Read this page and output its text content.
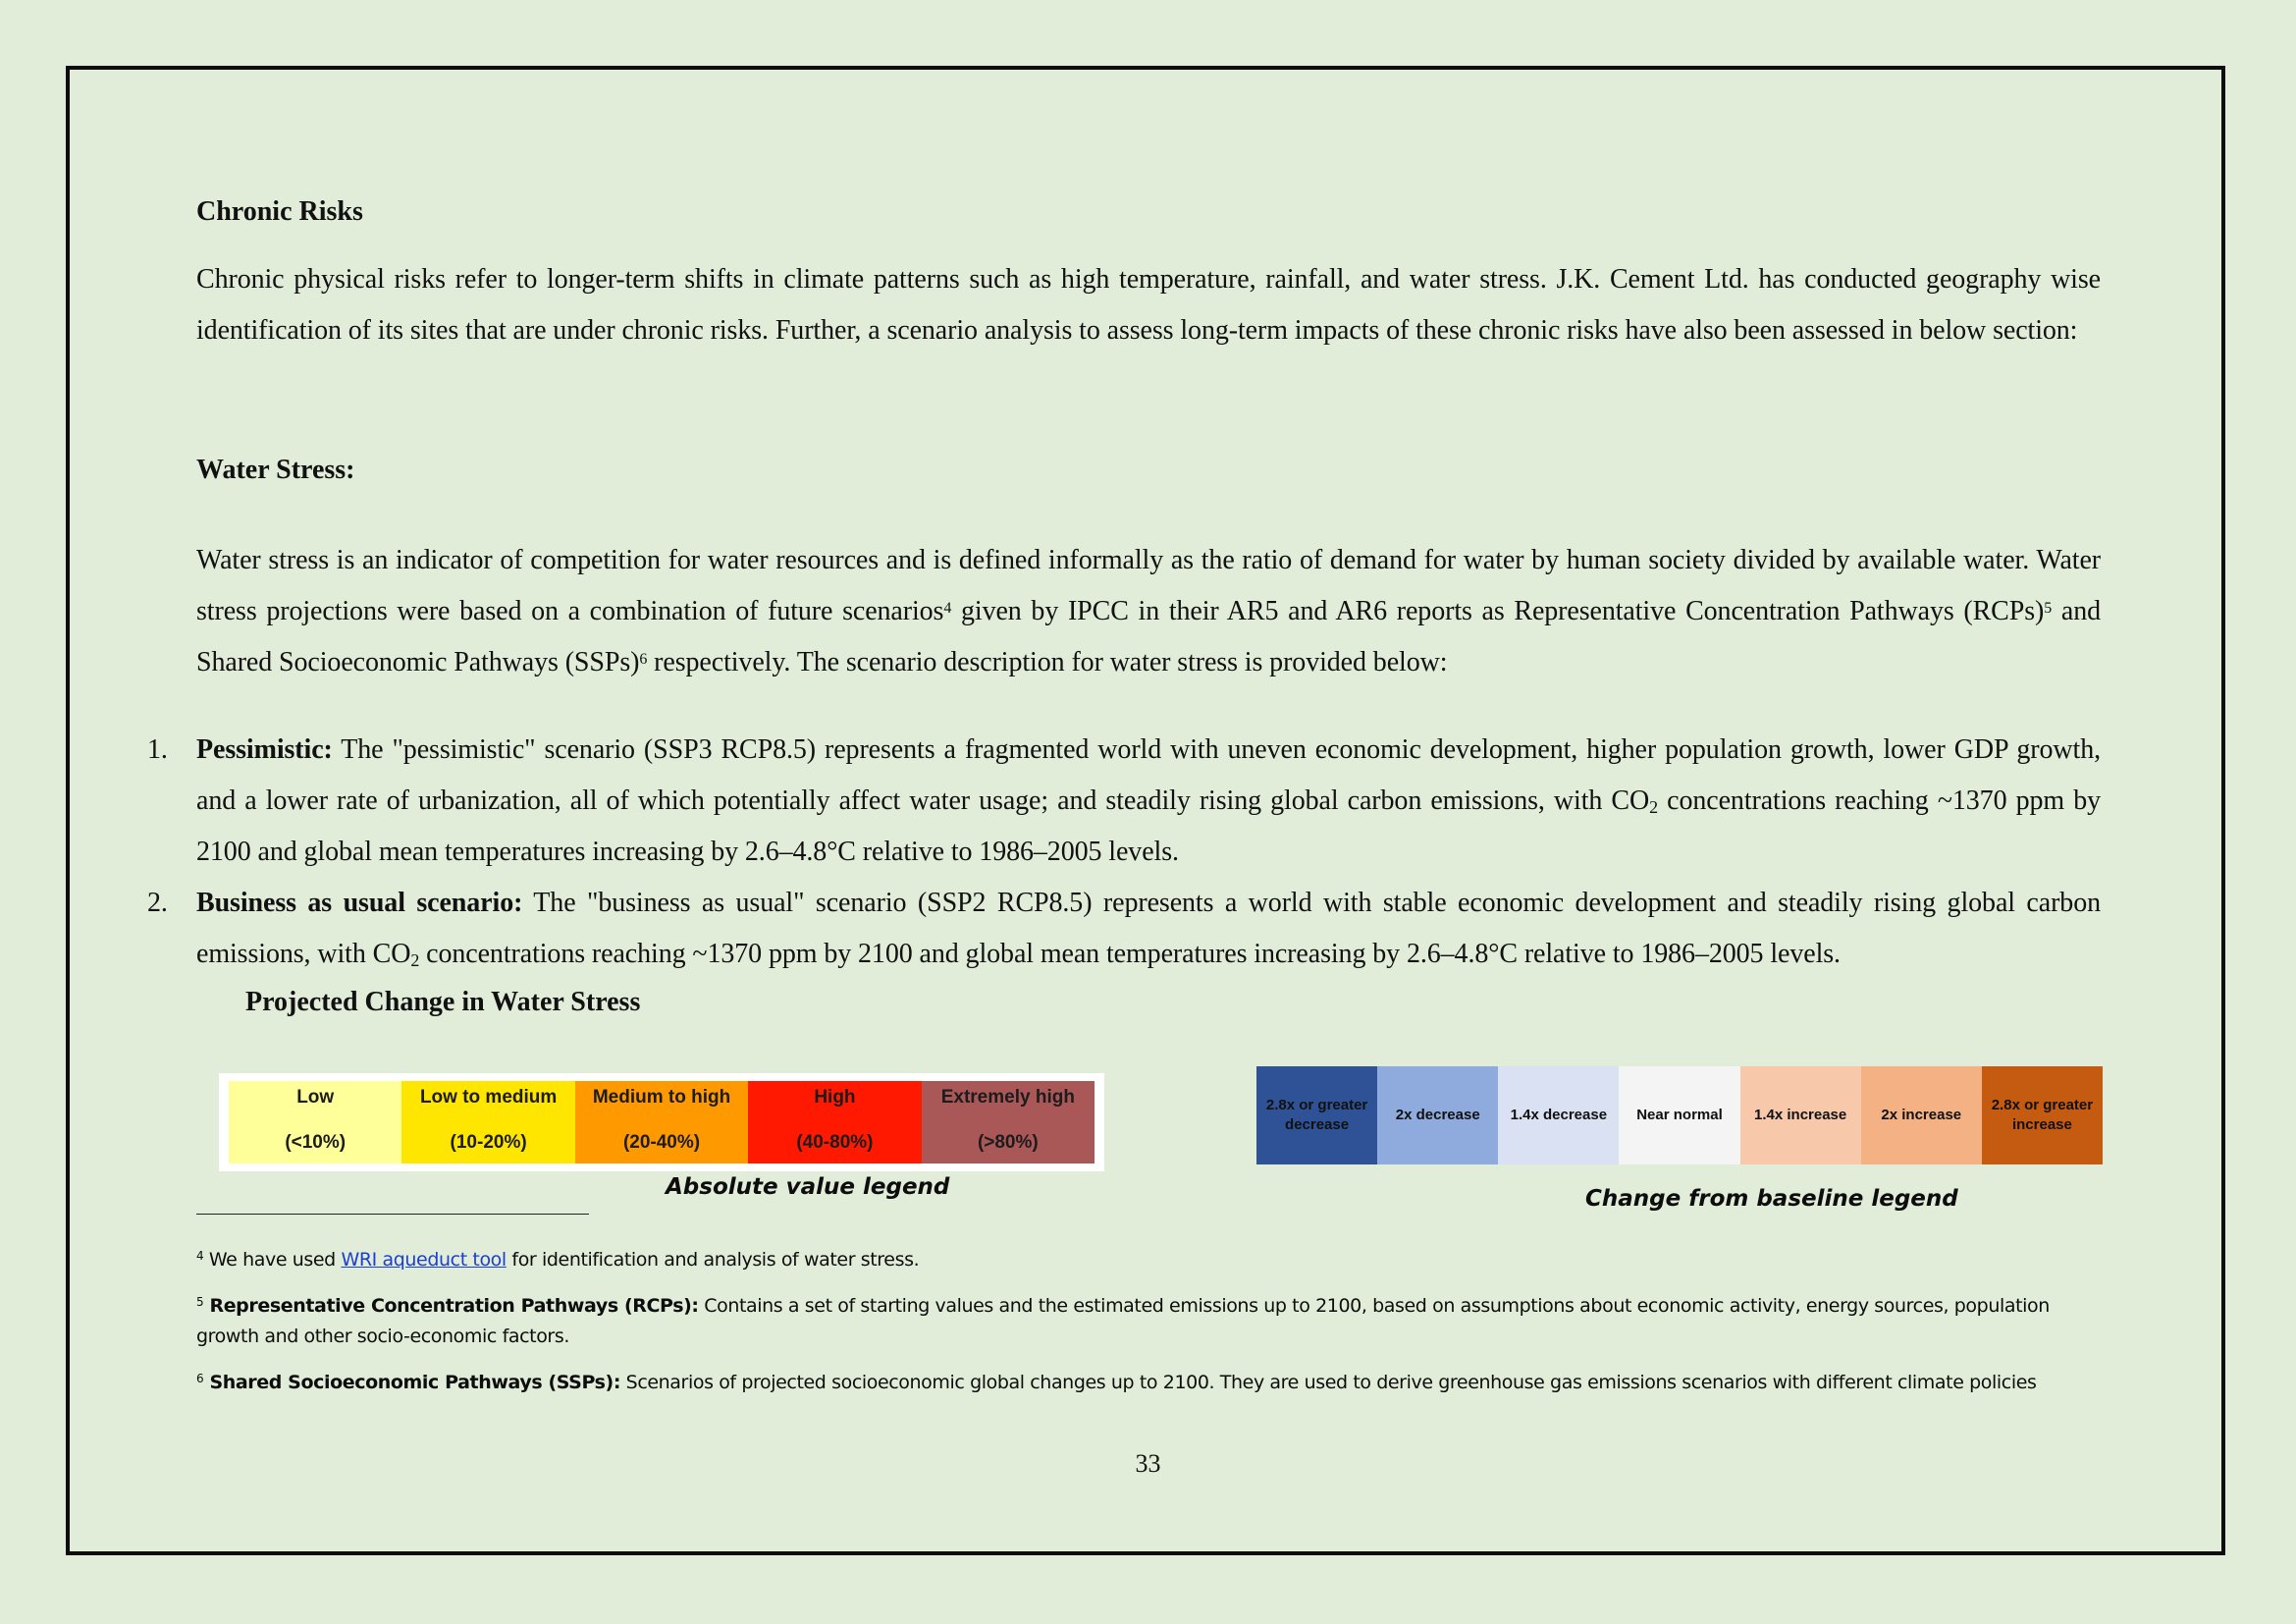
Chronic Risks
Chronic physical risks refer to longer-term shifts in climate patterns such as high temperature, rainfall, and water stress. J.K. Cement Ltd. has conducted geography wise identification of its sites that are under chronic risks. Further, a scenario analysis to assess long-term impacts of these chronic risks have also been assessed in below section:
Water Stress:
Water stress is an indicator of competition for water resources and is defined informally as the ratio of demand for water by human society divided by available water. Water stress projections were based on a combination of future scenarios$^4$ given by IPCC in their AR5 and AR6 reports as Representative Concentration Pathways (RCPs)$^5$ and Shared Socioeconomic Pathways (SSPs)$^6$ respectively. The scenario description for water stress is provided below:
1. Pessimistic: The "pessimistic" scenario (SSP3 RCP8.5) represents a fragmented world with uneven economic development, higher population growth, lower GDP growth, and a lower rate of urbanization, all of which potentially affect water usage; and steadily rising global carbon emissions, with $CO_2$ concentrations reaching ~1370 ppm by 2100 and global mean temperatures increasing by 2.6–4.8°C relative to 1986–2005 levels.
2. Business as usual scenario: The "business as usual" scenario (SSP2 RCP8.5) represents a world with stable economic development and steadily rising global carbon emissions, with $CO_2$ concentrations reaching ~1370 ppm by 2100 and global mean temperatures increasing by 2.6–4.8°C relative to 1986–2005 levels.
Projected Change in Water Stress
Low
(<10%)
Low to medium
(10-20%)
Medium to high
(20-40%)
High
(40-80%)
Extremely high
(>80%)
Absolute value legend
2.8x or greater decrease
2x decrease	1.4x decrease	Near normal	1.4x increase	2x increase
2.8x or greater increase
Change from baseline legend
$^4$ We have used WRI aqueduct tool for identification and analysis of water stress.
$^5$ Representative Concentration Pathways (RCPs): Contains a set of starting values and the estimated emissions up to 2100, based on assumptions about economic activity, energy sources, population growth and other socio-economic factors.
$^6$ Shared Socioeconomic Pathways (SSPs): Scenarios of projected socioeconomic global changes up to 2100. They are used to derive greenhouse gas emissions scenarios with different climate policies
33
